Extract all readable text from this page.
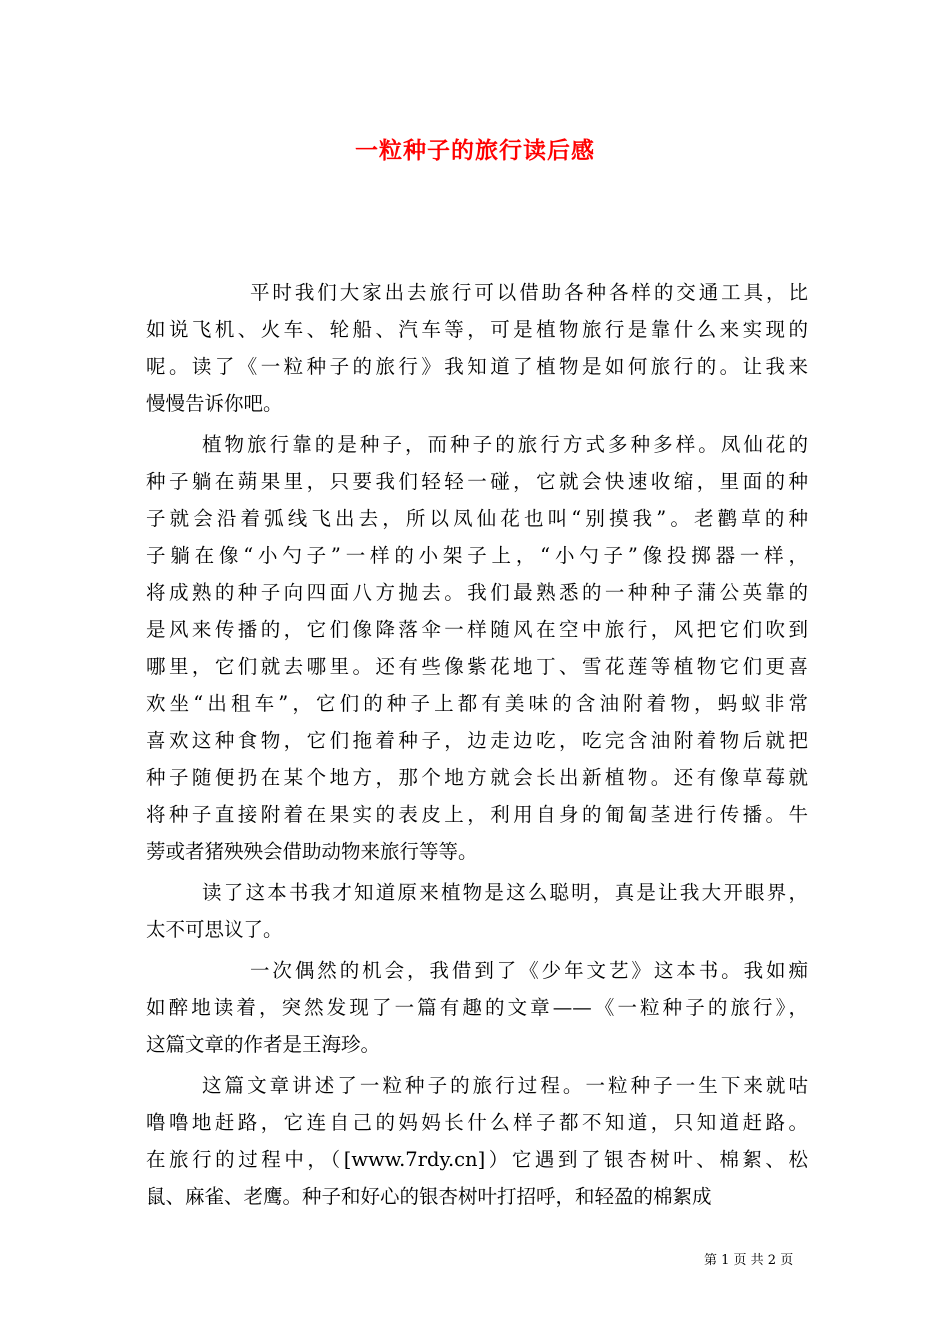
一粒种子的旅行读后感
平时我们大家出去旅行可以借助各种各样的交通工具，比
如说飞机、火车、轮船、汽车等，可是植物旅行是靠什么来实现的
呢。读了《一粒种子的旅行》我知道了植物是如何旅行的。让我来
慢慢告诉你吧。
植物旅行靠的是种子，而种子的旅行方式多种多样。凤仙花的
种子躺在蒴果里，只要我们轻轻一碰，它就会快速收缩，里面的种
子就会沿着弧线飞出去，所以凤仙花也叫“别摸我”。老鹳草的种
子躺在像“小勺子”一样的小架子上，“小勺子”像投掷器一样，
将成熟的种子向四面八方抛去。我们最熟悉的一种种子蒲公英靠的
是风来传播的，它们像降落伞一样随风在空中旅行，风把它们吹到
哪里，它们就去哪里。还有些像紫花地丁、雪花莲等植物它们更喜
欢坐“出租车”，它们的种子上都有美味的含油附着物，蚂蚁非常
喜欢这种食物，它们拖着种子，边走边吃，吃完含油附着物后就把
种子随便扔在某个地方，那个地方就会长出新植物。还有像草莓就
将种子直接附着在果实的表皮上，利用自身的匍匐茎进行传播。牛
蒡或者猪殃殃会借助动物来旅行等等。
读了这本书我才知道原来植物是这么聪明，真是让我大开眼界，
太不可思议了。
一次偶然的机会，我借到了《少年文艺》这本书。我如痴
如醉地读着，突然发现了一篇有趣的文章——《一粒种子的旅行》，
这篇文章的作者是王海珍。
这篇文章讲述了一粒种子的旅行过程。一粒种子一生下来就咕
噜噜地赶路，它连自己的妈妈长什么样子都不知道，只知道赶路。
在旅行的过程中，（[www.7rdy.cn]）它遇到了银杏树叶、棉絮、松
鼠、麻雀、老鹰。种子和好心的银杏树叶打招呼，和轻盈的棉絮成
第 1 页 共 2 页
